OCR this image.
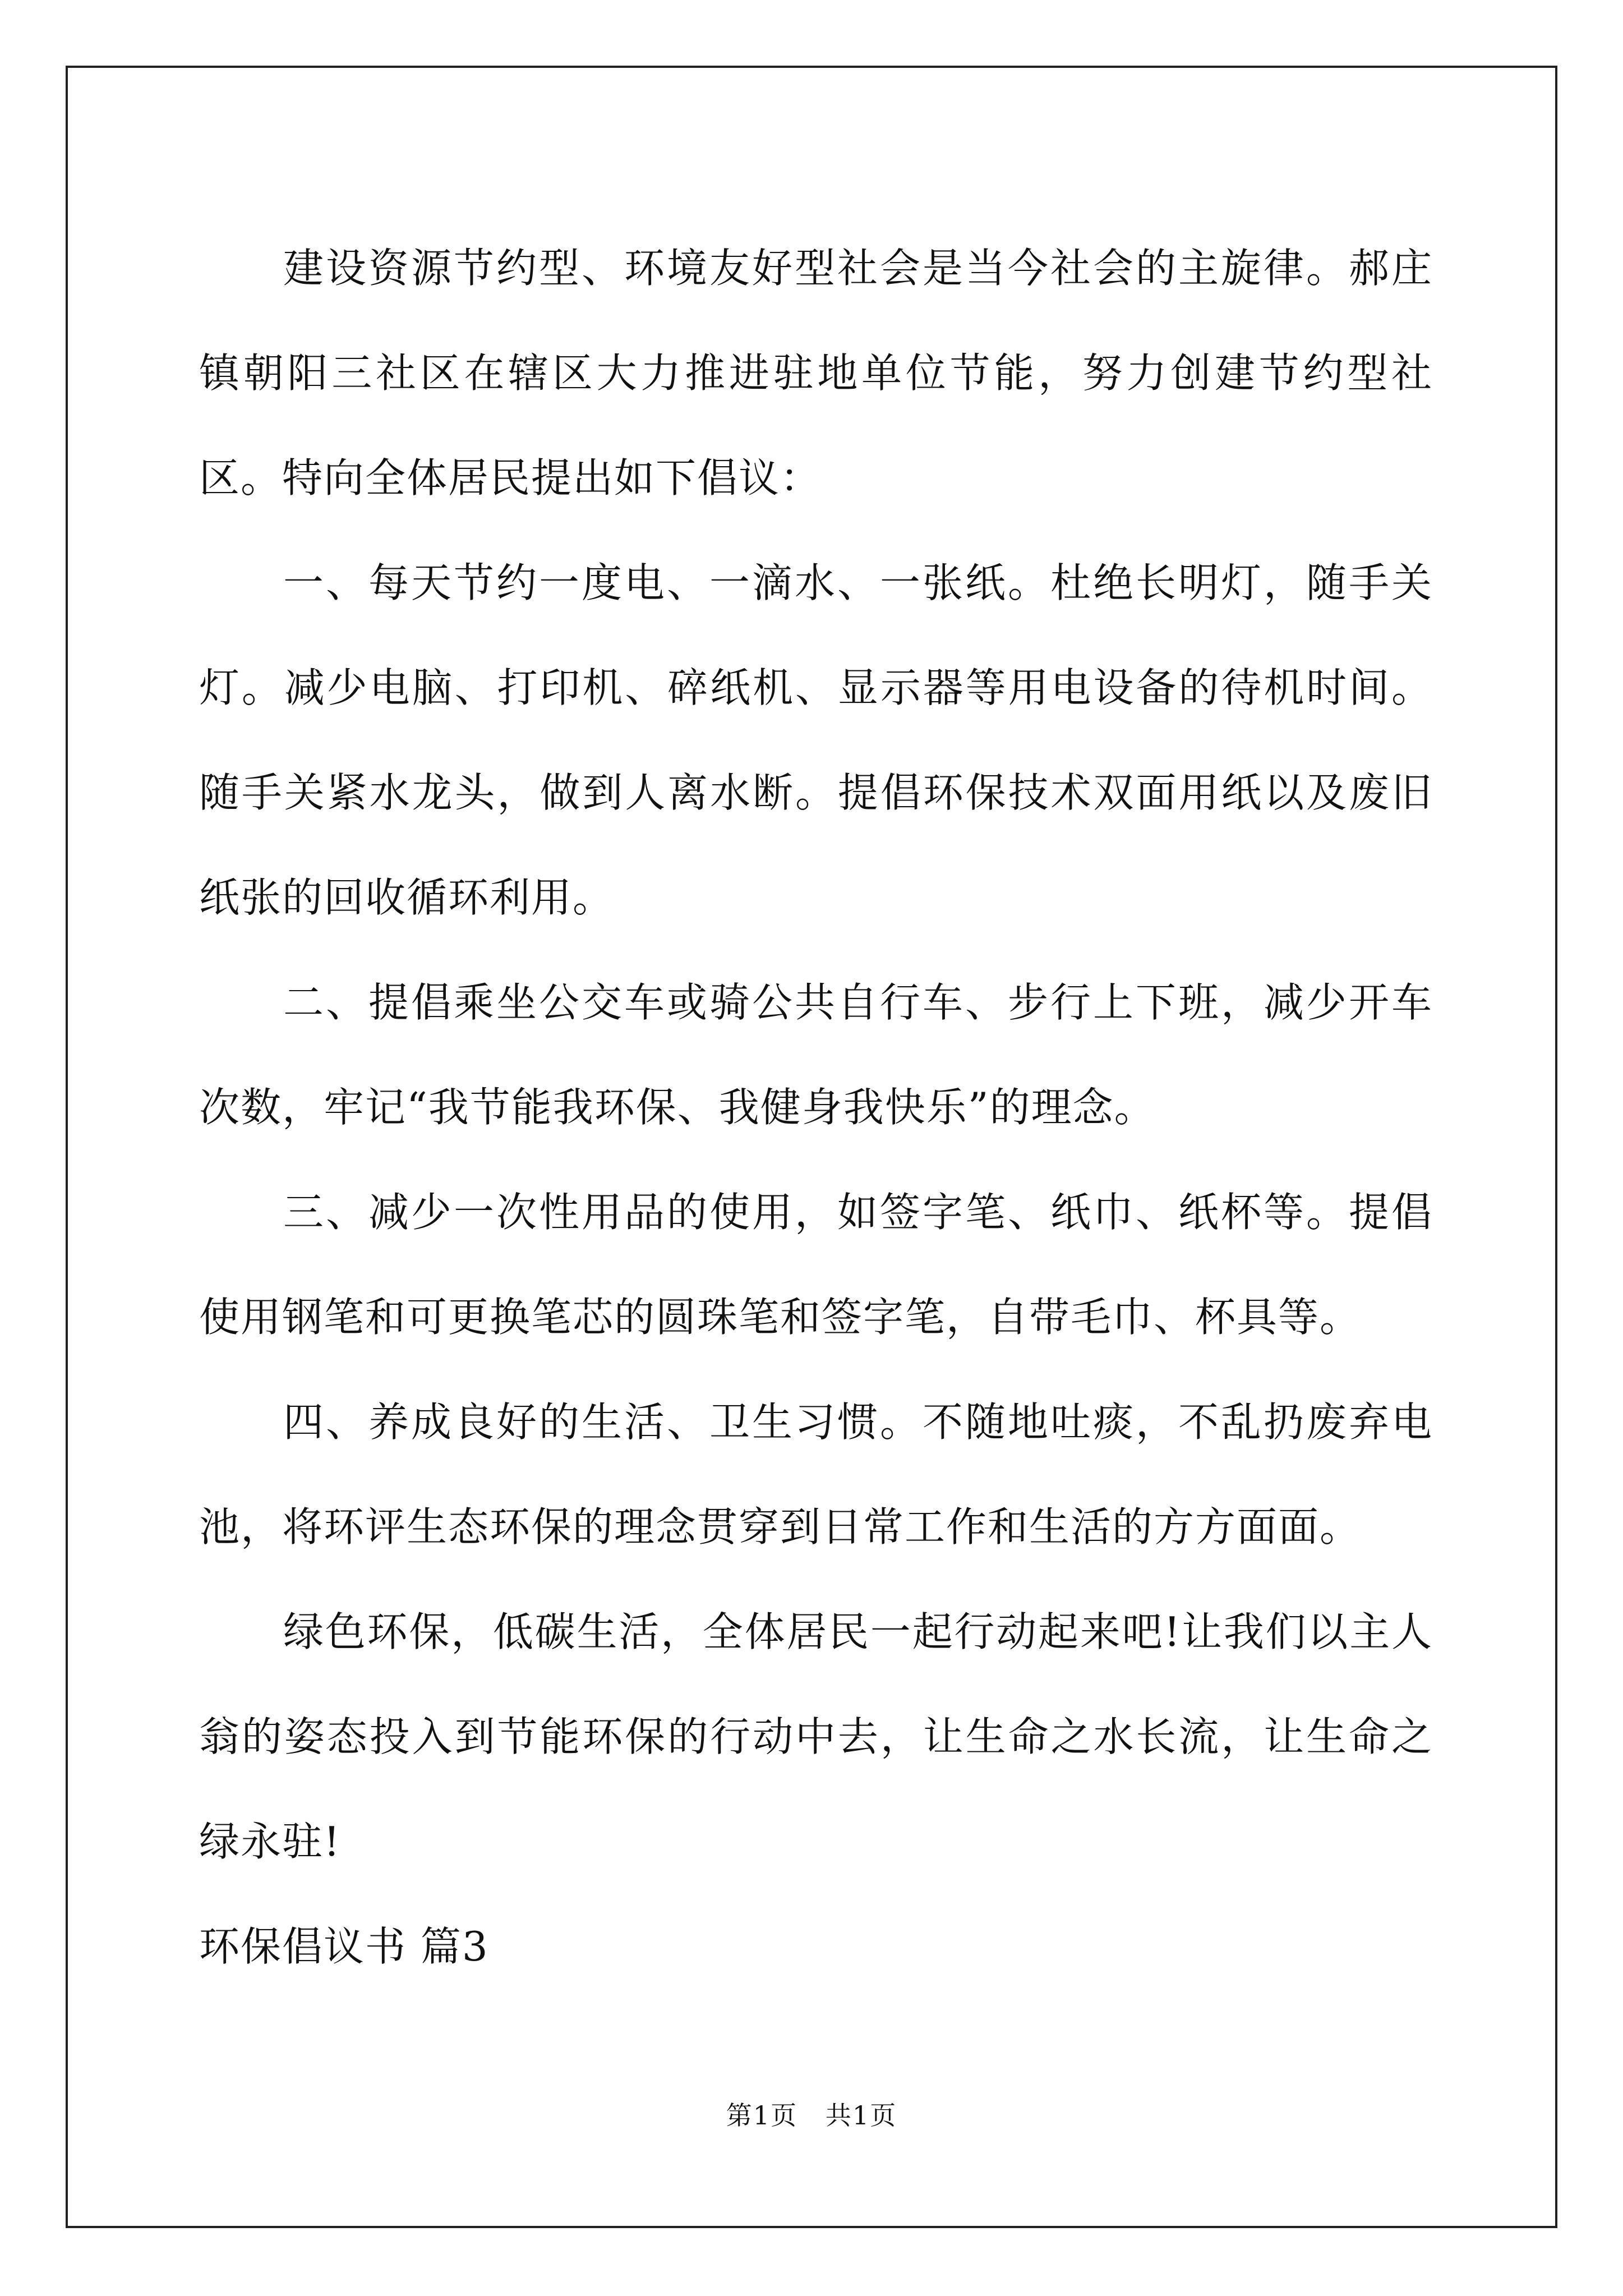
建设资源节约型、环境友好型社会是当今社会的主旋律。郝庄镇朝阳三社区在辖区大力推进驻地单位节能，努力创建节约型社区。特向全体居民提出如下倡议：

一、每天节约一度电、一滴水、一张纸。杜绝长明灯，随手关灯。减少电脑、打印机、碎纸机、显示器等用电设备的待机时间。随手关紧水龙头，做到人离水断。提倡环保技术双面用纸以及废旧纸张的回收循环利用。

二、提倡乘坐公交车或骑公共自行车、步行上下班，减少开车次数，牢记“我节能我环保、我健身我快乐”的理念。

三、减少一次性用品的使用，如签字笔、纸巾、纸杯等。提倡使用钢笔和可更换笔芯的圆珠笔和签字笔，自带毛巾、杯具等。

四、养成良好的生活、卫生习惯。不随地吐痰，不乱扔废弃电池，将环评生态环保的理念贯穿到日常工作和生活的方方面面。

绿色环保，低碳生活，全体居民一起行动起来吧!让我们以主人翁的姿态投入到节能环保的行动中去，让生命之水长流，让生命之绿永驻!

环保倡议书 篇3

第1页   共1页
